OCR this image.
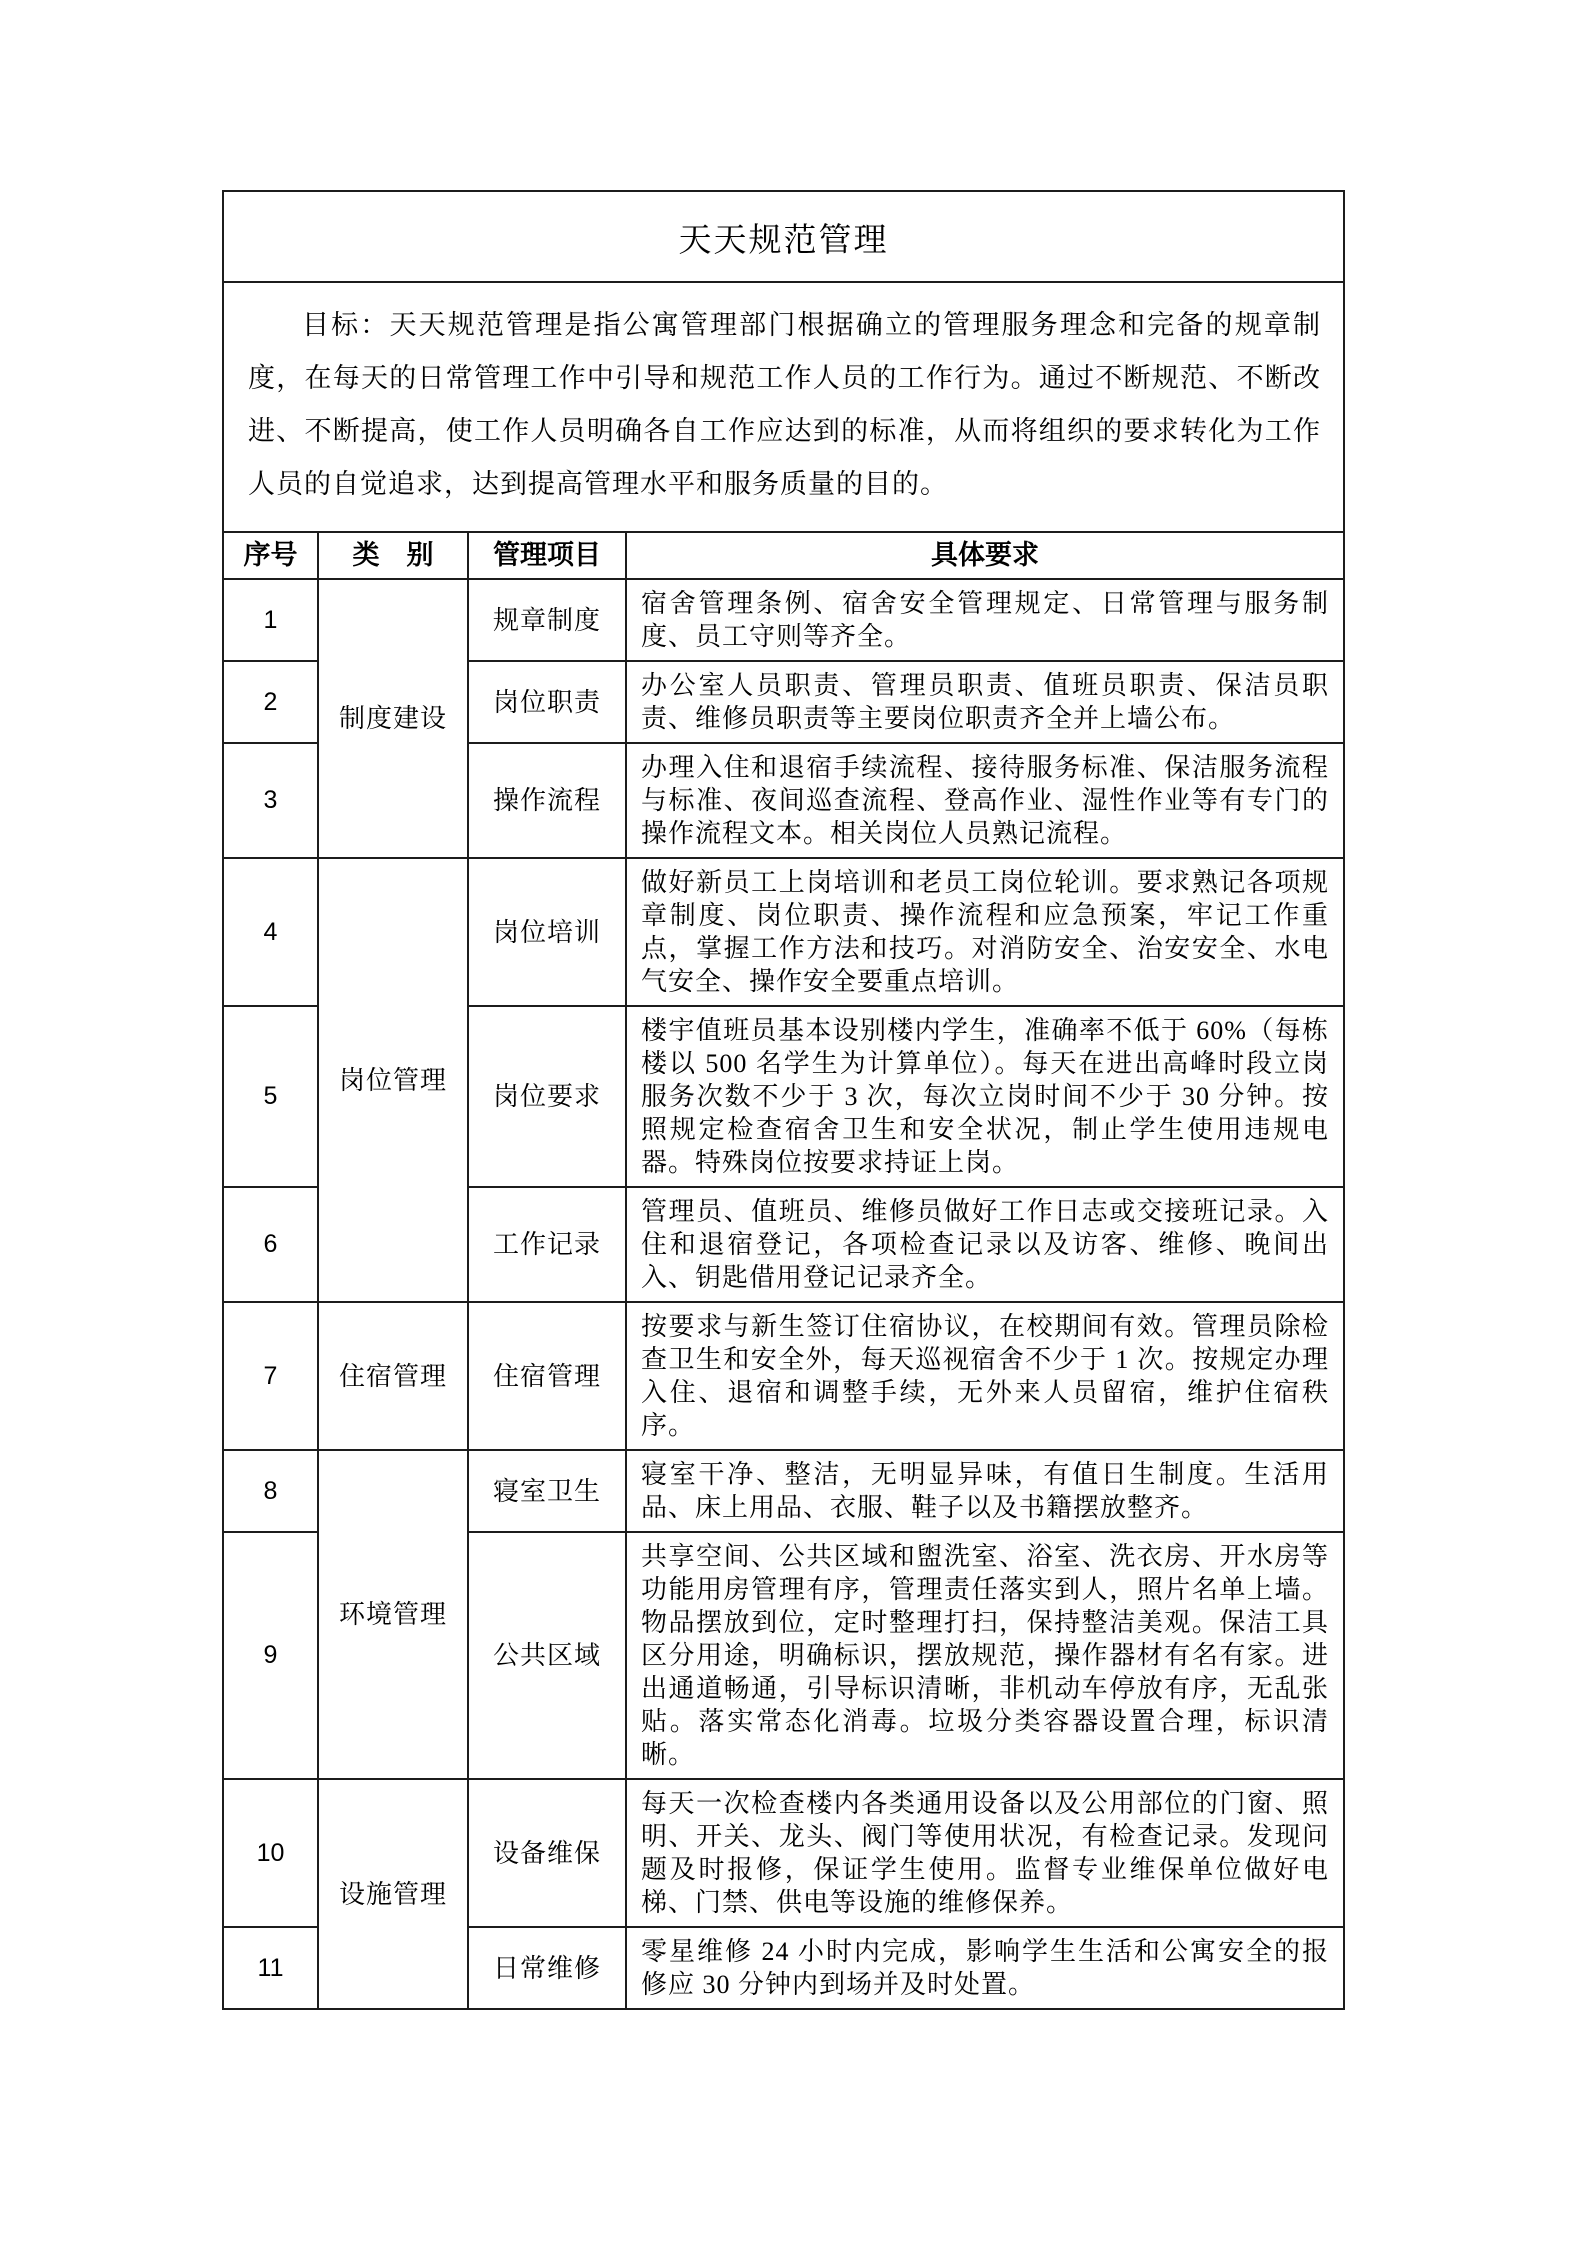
天天规范管理			

目标：天天规范管理是指公寓管理部门根据确立的管理服务理念和完备的规章制度，在每天的日常管理工作中引导和规范工作人员的工作行为。通过不断规范、不断改进、不断提高，使工作人员明确各自工作应达到的标准，从而将组织的要求转化为工作人员的自觉追求，达到提高管理水平和服务质量的目的。			

序号	类　别	管理项目	具体要求
1	制度建设	规章制度	宿舍管理条例、宿舍安全管理规定、日常管理与服务制度、员工守则等齐全。
2		岗位职责	办公室人员职责、管理员职责、值班员职责、保洁员职责、维修员职责等主要岗位职责齐全并上墙公布。
3		操作流程	办理入住和退宿手续流程、接待服务标准、保洁服务流程与标准、夜间巡查流程、登高作业、湿性作业等有专门的操作流程文本。相关岗位人员熟记流程。
4	岗位管理	岗位培训	做好新员工上岗培训和老员工岗位轮训。要求熟记各项规章制度、岗位职责、操作流程和应急预案，牢记工作重点，掌握工作方法和技巧。对消防安全、治安安全、水电气安全、操作安全要重点培训。
5		岗位要求	楼宇值班员基本设别楼内学生，准确率不低于 60%（每栋楼以 500 名学生为计算单位）。每天在进出高峰时段立岗服务次数不少于 3 次，每次立岗时间不少于 30 分钟。按照规定检查宿舍卫生和安全状况，制止学生使用违规电器。特殊岗位按要求持证上岗。
6		工作记录	管理员、值班员、维修员做好工作日志或交接班记录。入住和退宿登记，各项检查记录以及访客、维修、晚间出入、钥匙借用登记记录齐全。
7	住宿管理	住宿管理	按要求与新生签订住宿协议，在校期间有效。管理员除检查卫生和安全外，每天巡视宿舍不少于 1 次。按规定办理入住、退宿和调整手续，无外来人员留宿，维护住宿秩序。
8	环境管理	寝室卫生	寝室干净、整洁，无明显异味，有值日生制度。生活用品、床上用品、衣服、鞋子以及书籍摆放整齐。
9		公共区域	共享空间、公共区域和盥洗室、浴室、洗衣房、开水房等功能用房管理有序，管理责任落实到人，照片名单上墙。物品摆放到位，定时整理打扫，保持整洁美观。保洁工具区分用途，明确标识，摆放规范，操作器材有名有家。进出通道畅通，引导标识清晰，非机动车停放有序，无乱张贴。落实常态化消毒。垃圾分类容器设置合理，标识清晰。
10	设施管理	设备维保	每天一次检查楼内各类通用设备以及公用部位的门窗、照明、开关、龙头、阀门等使用状况，有检查记录。发现问题及时报修，保证学生使用。监督专业维保单位做好电梯、门禁、供电等设施的维修保养。
11		日常维修	零星维修 24 小时内完成，影响学生生活和公寓安全的报修应 30 分钟内到场并及时处置。
